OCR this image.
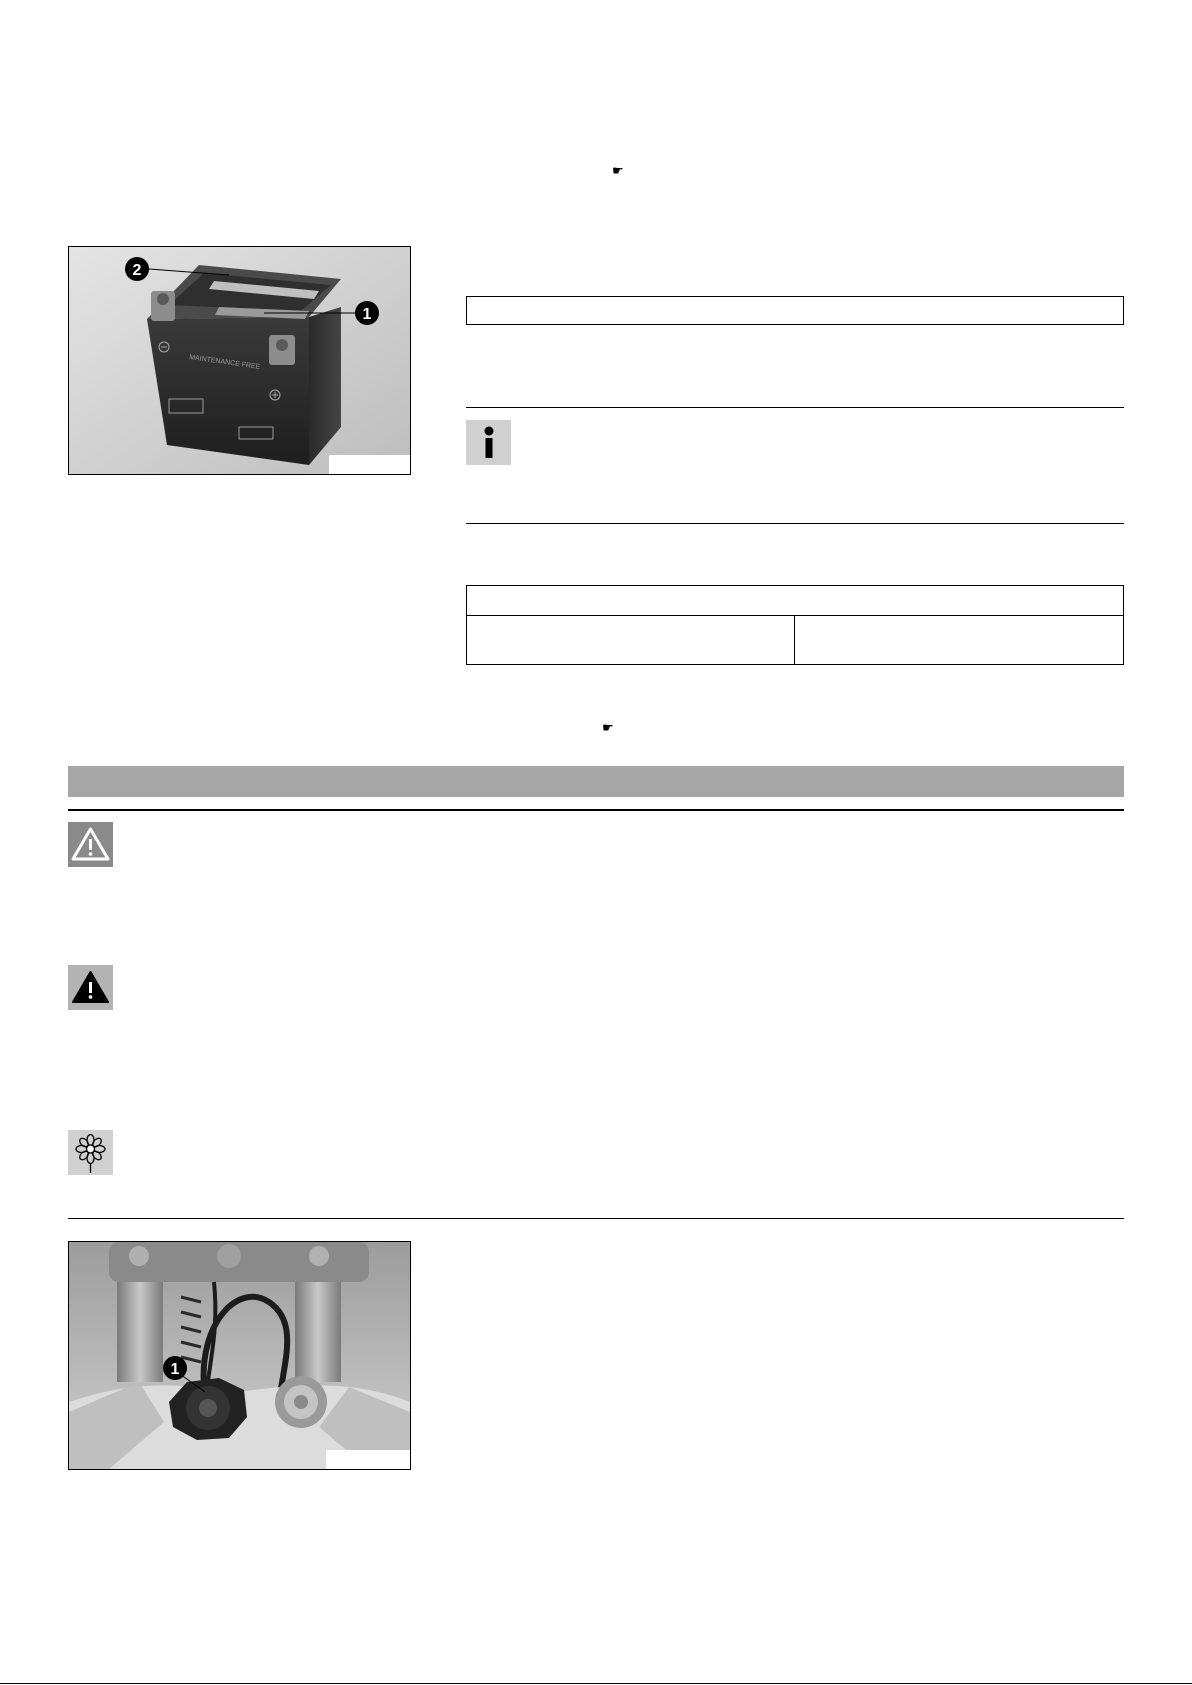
☛
MAINTENANCE FREE
2
1
☛
1
